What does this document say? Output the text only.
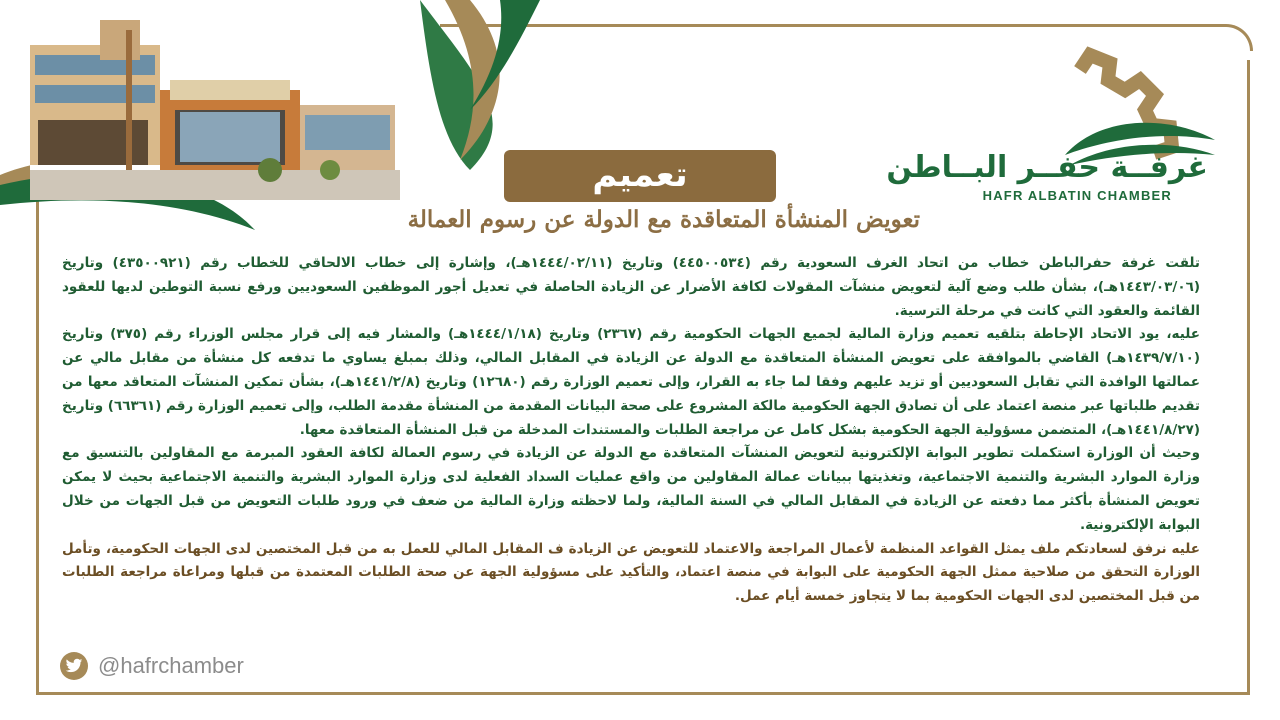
غرفــة حفــر البــاطن
HAFR ALBATIN CHAMBER
تعميم
تعويض المنشأة المتعاقدة مع الدولة عن رسوم العمالة

تلقت غرفة حفرالباطن خطاب من اتحاد الغرف السعودية رقم (٤٤٥٠٠٥٣٤) وتاريخ (١٤٤٤/٠٢/١١هـ)، وإشارة إلى خطاب الالحاقي للخطاب رقم (٤٣٥٠٠٩٢١) وتاريخ (١٤٤٣/٠٣/٠٦هـ)، بشأن طلب وضع آلية لتعويض منشآت المقولات لكافة الأضرار عن الزيادة الحاصلة في تعديل أجور الموظفين السعوديين ورفع نسبة التوطين لديها للعقود القائمة والعقود التي كانت في مرحلة الترسية.

عليه، يود الاتحاد الإحاطة بتلقيه تعميم وزارة المالية لجميع الجهات الحكومية رقم (٢٣٦٧) وتاريخ (١٤٤٤/١/١٨هـ) والمشار فيه إلى قرار مجلس الوزراء رقم (٣٧٥) وتاريخ (١٤٣٩/٧/١٠هـ) القاضي بالموافقة على تعويض المنشأة المتعاقدة مع الدولة عن الزيادة في المقابل المالي، وذلك بمبلغ يساوي ما تدفعه كل منشأة من مقابل مالي عن عمالتها الوافدة التي تقابل السعوديين أو تزيد عليهم وفقا لما جاء به القرار، وإلى تعميم الوزارة رقم (١٢٦٨٠) وتاريخ (١٤٤١/٢/٨هـ)، بشأن تمكين المنشآت المتعاقد معها من تقديم طلباتها عبر منصة اعتماد على أن تصادق الجهة الحكومية مالكة المشروع على صحة البيانات المقدمة من المنشأة مقدمة الطلب، وإلى تعميم الوزارة رقم (٦٦٣٦١) وتاريخ (١٤٤١/٨/٢٧هـ)، المتضمن مسؤولية الجهة الحكومية بشكل كامل عن مراجعة الطلبات والمستندات المدخلة من قبل المنشأة المتعاقدة معها.

وحيث أن الوزارة استكملت تطوير البوابة الإلكترونية لتعويض المنشآت المتعاقدة مع الدولة عن الزيادة في رسوم العمالة لكافة العقود المبرمة مع المقاولين بالتنسيق مع وزارة الموارد البشرية والتنمية الاجتماعية، وتغذيتها ببيانات عمالة المقاولين من واقع عمليات السداد الفعلية لدى وزارة الموارد البشرية والتنمية الاجتماعية بحيث لا يمكن تعويض المنشأة بأكثر مما دفعته عن الزيادة في المقابل المالي في السنة المالية، ولما لاحظته وزارة المالية من ضعف في ورود طلبات التعويض من قبل الجهات من خلال البوابة الإلكترونية.

عليه نرفق لسعادتكم ملف يمثل القواعد المنظمة لأعمال المراجعة والاعتماد للتعويض عن الزيادة ف المقابل المالي للعمل به من قبل المختصين لدى الجهات الحكومية، وتأمل الوزارة التحقق من صلاحية ممثل الجهة الحكومية على البوابة في منصة اعتماد، والتأكيد على مسؤولية الجهة عن صحة الطلبات المعتمدة من قبلها ومراعاة مراجعة الطلبات من قبل المختصين لدى الجهات الحكومية بما لا يتجاوز خمسة أيام عمل.

@hafrchamber
